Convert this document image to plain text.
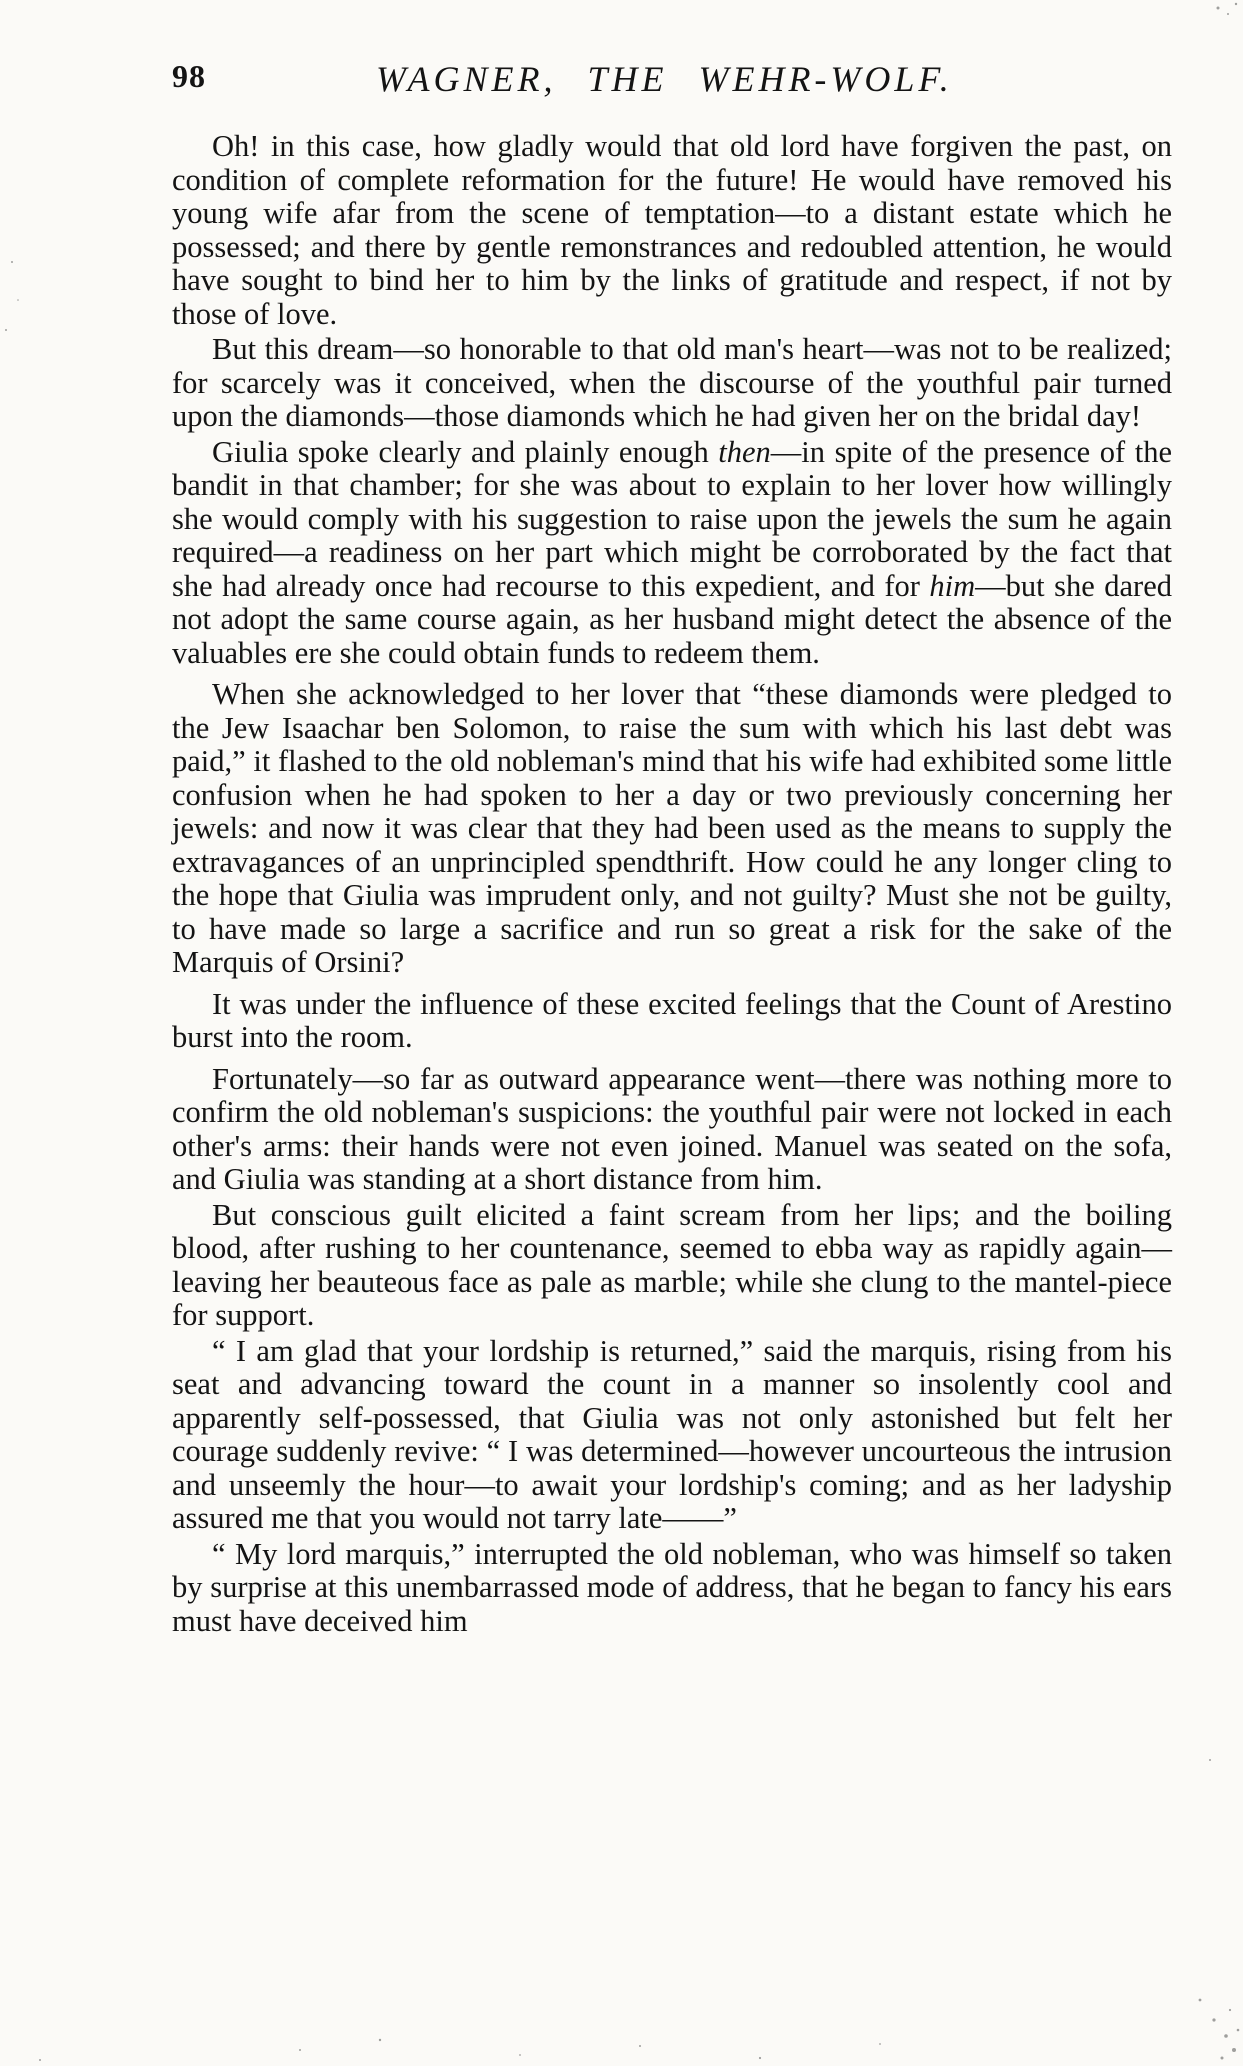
98	WAGNER, THE WEHR-WOLF.

Oh! in this case, how gladly would that old lord have forgiven the past, on condition of complete reformation for the future! He would have removed his young wife afar from the scene of temptation—to a distant estate which he possessed; and there by gentle remonstrances and redoubled attention, he would have sought to bind her to him by the links of gratitude and respect, if not by those of love.

But this dream—so honorable to that old man's heart—was not to be realized; for scarcely was it conceived, when the discourse of the youthful pair turned upon the diamonds—those diamonds which he had given her on the bridal day!

Giulia spoke clearly and plainly enough then—in spite of the presence of the bandit in that chamber; for she was about to explain to her lover how willingly she would comply with his suggestion to raise upon the jewels the sum he again required—a readiness on her part which might be corroborated by the fact that she had already once had recourse to this expedient, and for him—but she dared not adopt the same course again, as her husband might detect the absence of the valuables ere she could obtain funds to redeem them.

When she acknowledged to her lover that “these diamonds were pledged to the Jew Isaachar ben Solomon, to raise the sum with which his last debt was paid,” it flashed to the old nobleman's mind that his wife had exhibited some little confusion when he had spoken to her a day or two previously concerning her jewels: and now it was clear that they had been used as the means to supply the extravagances of an unprincipled spendthrift. How could he any longer cling to the hope that Giulia was imprudent only, and not guilty? Must she not be guilty, to have made so large a sacrifice and run so great a risk for the sake of the Marquis of Orsini?

It was under the influence of these excited feelings that the Count of Arestino burst into the room.

Fortunately—so far as outward appearance went—there was nothing more to confirm the old nobleman's suspicions: the youthful pair were not locked in each other's arms: their hands were not even joined. Manuel was seated on the sofa, and Giulia was standing at a short distance from him.

But conscious guilt elicited a faint scream from her lips; and the boiling blood, after rushing to her countenance, seemed to ebba way as rapidly again—leaving her beauteous face as pale as marble; while she clung to the mantel-piece for support.

“ I am glad that your lordship is returned,” said the marquis, rising from his seat and advancing toward the count in a manner so insolently cool and apparently self-possessed, that Giulia was not only astonished but felt her courage suddenly revive: “ I was determined—however uncourteous the intrusion and unseemly the hour—to await your lordship's coming; and as her ladyship assured me that you would not tarry late——”

“ My lord marquis,” interrupted the old nobleman, who was himself so taken by surprise at this unembarrassed mode of address, that he began to fancy his ears must have deceived him
